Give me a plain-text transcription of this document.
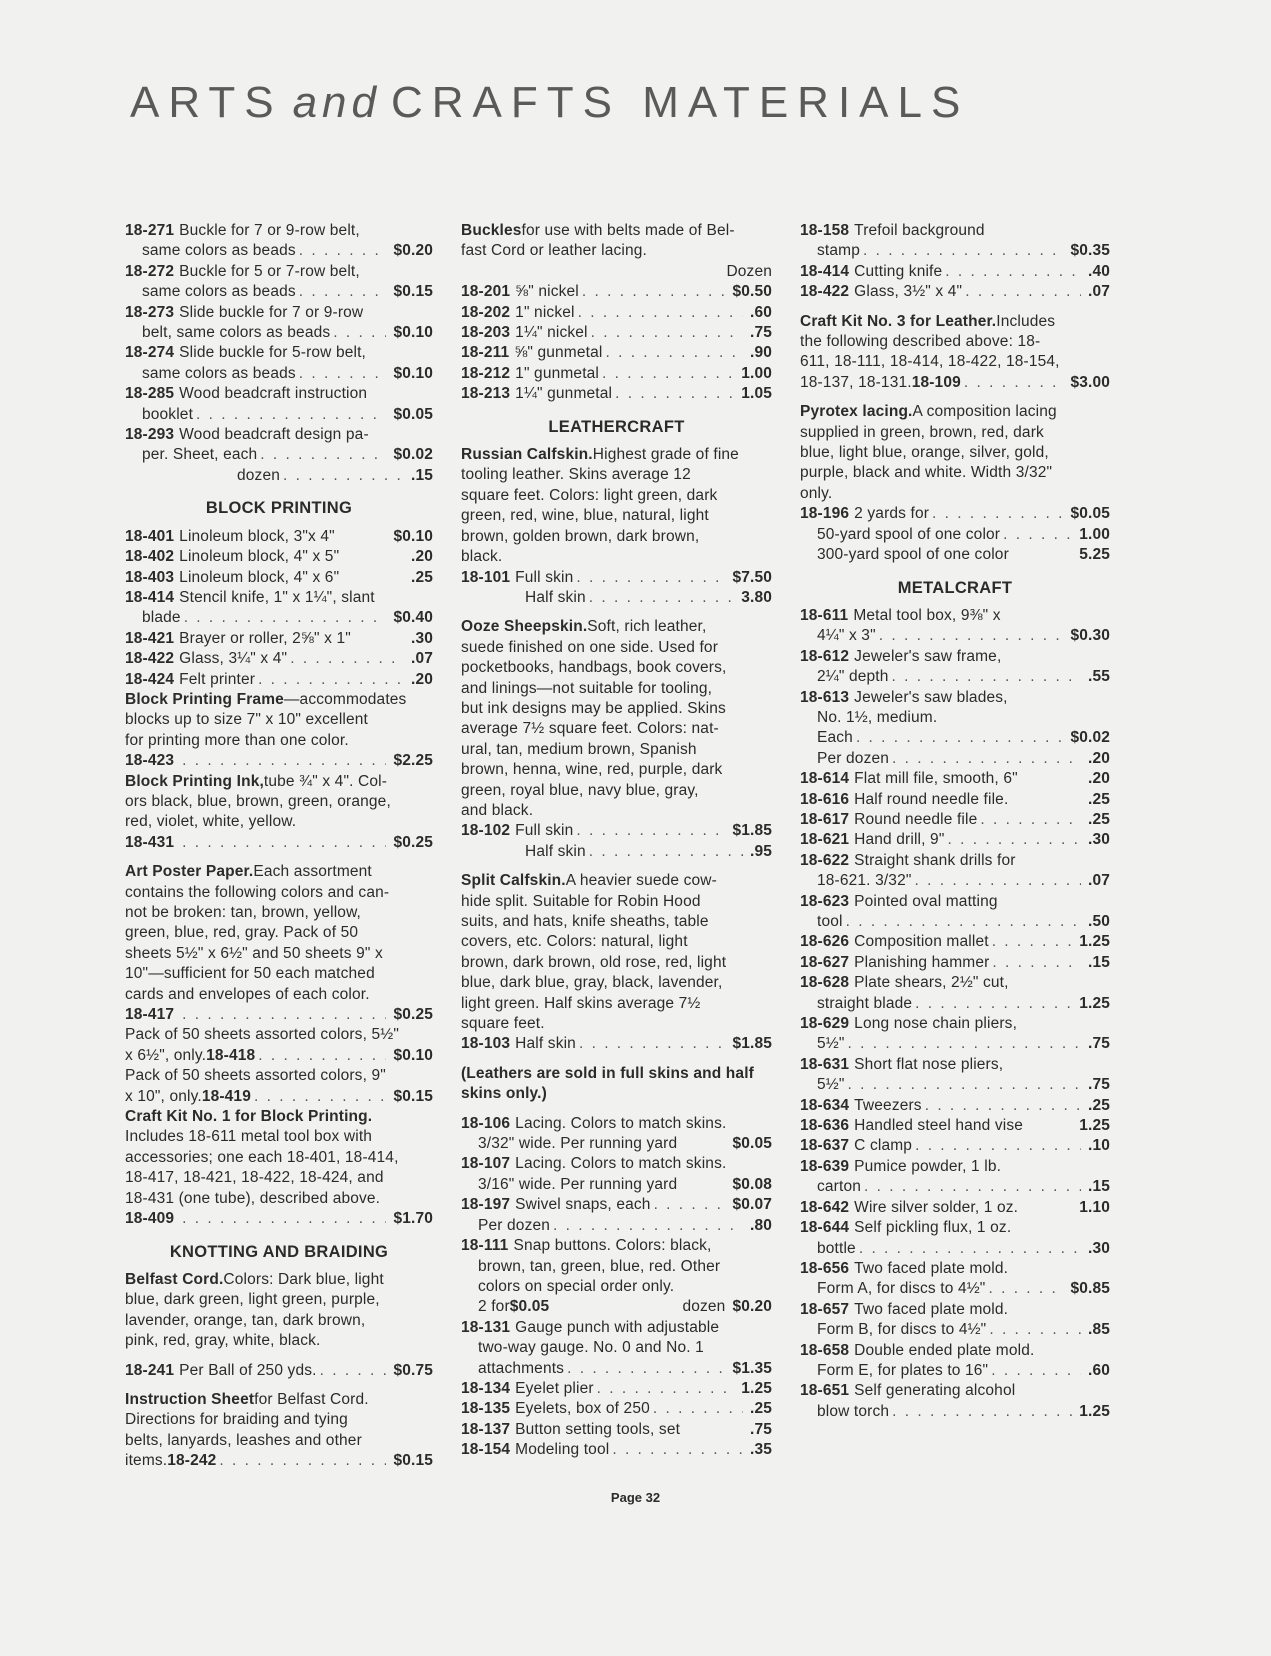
ARTS and CRAFTS MATERIALS
18-271 Buckle for 7 or 9-row belt,
same colors as beads . . .	$0.20
18-272 Buckle for 5 or 7-row belt,
same colors as beads . . .	$0.15
18-273 Slide buckle for 7 or 9-row
belt, same colors as beads . . .	$0.10
18-274 Slide buckle for 5-row belt,
same colors as beads . . .	$0.10
18-285 Wood beadcraft instruction
booklet . . .	$0.05
18-293 Wood beadcraft design pa-
per. Sheet, each . . .	$0.02
dozen . . .	.15
BLOCK PRINTING
18-401 Linoleum block, 3"x 4"	$0.10
18-402 Linoleum block, 4" x 5"	.20
18-403 Linoleum block, 4" x 6"	.25
18-414 Stencil knife, 1" x 1¼", slant
blade . . .	$0.40
18-421 Brayer or roller, 2⅝" x 1"	.30
18-422 Glass, 3¼" x 4" . . .	.07
18-424 Felt printer . . .	.20
Block Printing Frame —accommodates
blocks up to size 7" x 10" excellent
for printing more than one color.
18-423 . . .	$2.25
Block Printing Ink, tube ¾" x 4". Col-
ors black, blue, brown, green, orange,
red, violet, white, yellow.
18-431 . . .	$0.25
Art Poster Paper. Each assortment
contains the following colors and can-
not be broken: tan, brown, yellow,
green, blue, red, gray. Pack of 50
sheets 5½" x 6½" and 50 sheets 9" x
10"—sufficient for 50 each matched
cards and envelopes of each color.
18-417 . . .	$0.25
Pack of 50 sheets assorted colors, 5½"
x 6½", only. 18-418 . . .	$0.10
Pack of 50 sheets assorted colors, 9"
x 10", only. 18-419 . . .	$0.15
Craft Kit No. 1 for Block Printing.
Includes 18-611 metal tool box with
accessories; one each 18-401, 18-414,
18-417, 18-421, 18-422, 18-424, and
18-431 (one tube), described above.
18-409 . . .	$1.70
KNOTTING AND BRAIDING
Belfast Cord. Colors: Dark blue, light
blue, dark green, light green, purple,
lavender, orange, tan, dark brown,
pink, red, gray, white, black.
18-241 Per Ball of 250 yds. . . .	$0.75
Instruction Sheet for Belfast Cord.
Directions for braiding and tying
belts, lanyards, leashes and other
items. 18-242 . . .	$0.15
Buckles for use with belts made of Bel-
fast Cord or leather lacing.
Dozen
18-201 ⅝" nickel . . .	$0.50
18-202 1" nickel . . .	.60
18-203 1¼" nickel . . .	.75
18-211 ⅝" gunmetal . . .	.90
18-212 1" gunmetal . . .	1.00
18-213 1¼" gunmetal . . .	1.05
LEATHERCRAFT
Russian Calfskin. Highest grade of fine
tooling leather. Skins average 12
square feet. Colors: light green, dark
green, red, wine, blue, natural, light
brown, golden brown, dark brown,
black.
18-101 Full skin . . .	$7.50
Half skin . . .	3.80
Ooze Sheepskin. Soft, rich leather,
suede finished on one side. Used for
pocketbooks, handbags, book covers,
and linings—not suitable for tooling,
but ink designs may be applied. Skins
average 7½ square feet. Colors: nat-
ural, tan, medium brown, Spanish
brown, henna, wine, red, purple, dark
green, royal blue, navy blue, gray,
and black.
18-102 Full skin . . .	$1.85
Half skin . . .	.95
Split Calfskin. A heavier suede cow-
hide split. Suitable for Robin Hood
suits, and hats, knife sheaths, table
covers, etc. Colors: natural, light
brown, dark brown, old rose, red, light
blue, dark blue, gray, black, lavender,
light green. Half skins average 7½
square feet.
18-103 Half skin . . .	$1.85
(Leathers are sold in full skins and half
skins only.)
18-106 Lacing. Colors to match skins.
3/32" wide. Per running yard	$0.05
18-107 Lacing. Colors to match skins.
3/16" wide. Per running yard	$0.08
18-197 Swivel snaps, each . . .	$0.07
Per dozen . . .	.80
18-111 Snap buttons. Colors: black,
brown, tan, green, blue, red. Other
colors on special order only.
2 for $0.05	dozen $0.20
18-131 Gauge punch with adjustable
two-way gauge. No. 0 and No. 1
attachments . . .	$1.35
18-134 Eyelet plier . . .	1.25
18-135 Eyelets, box of 250 . . .	.25
18-137 Button setting tools, set	.75
18-154 Modeling tool . . .	.35
18-158 Trefoil background
stamp . . .	$0.35
18-414 Cutting knife . . .	.40
18-422 Glass, 3½" x 4" . . .	.07
Craft Kit No. 3 for Leather. Includes
the following described above: 18-
611, 18-111, 18-414, 18-422, 18-154,
18-137, 18-131. 18-109 . . .	$3.00
Pyrotex lacing. A composition lacing
supplied in green, brown, red, dark
blue, light blue, orange, silver, gold,
purple, black and white. Width 3/32"
only.
18-196 2 yards for . . .	$0.05
50-yard spool of one color . . .	1.00
300-yard spool of one color	5.25
METALCRAFT
18-611 Metal tool box, 9⅜" x
4¼" x 3" . . .	$0.30
18-612 Jeweler's saw frame,
2¼" depth . . .	.55
18-613 Jeweler's saw blades,
No. 1½, medium.
Each . . .	$0.02
Per dozen . . .	.20
18-614 Flat mill file, smooth, 6"	.20
18-616 Half round needle file.	.25
18-617 Round needle file . . .	.25
18-621 Hand drill, 9" . . .	.30
18-622 Straight shank drills for
18-621. 3/32" . . .	.07
18-623 Pointed oval matting
tool . . .	.50
18-626 Composition mallet . . .	1.25
18-627 Planishing hammer . . .	.15
18-628 Plate shears, 2½" cut,
straight blade . . .	1.25
18-629 Long nose chain pliers,
5½" . . .	.75
18-631 Short flat nose pliers,
5½" . . .	.75
18-634 Tweezers . . .	.25
18-636 Handled steel hand vise	1.25
18-637 C clamp . . .	.10
18-639 Pumice powder, 1 lb.
carton . . .	.15
18-642 Wire silver solder, 1 oz.	1.10
18-644 Self pickling flux, 1 oz.
bottle . . .	.30
18-656 Two faced plate mold.
Form A, for discs to 4½" . . .	$0.85
18-657 Two faced plate mold.
Form B, for discs to 4½" . . .	.85
18-658 Double ended plate mold.
Form E, for plates to 16" . . .	.60
18-651 Self generating alcohol
blow torch . . .	1.25
Page 32
